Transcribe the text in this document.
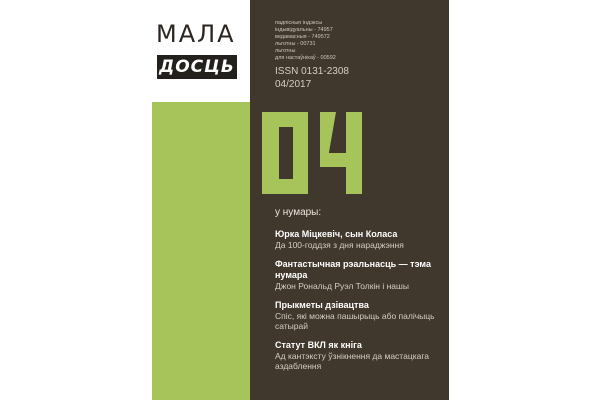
МАЛА
ДОСЦЬ
падпісныя індэксы
індывідуальны - 74957
ведамасныя - 749572
льготны - 00731
льготны
для настаўнікаў - 00592
ISSN 0131-2308
04/2017
у нумары:
Юрка Міцкевіч, сын Коласа
Да 100-годдзя з дня нараджэння
Фантастычная рэальнасць — тэма нумара
Джон Рональд Руэл Толкін і нашы
Прыкметы дзівацтва
Спіс, які можна пашырыць або палічыць сатырай
Статут ВКЛ як кніга
Ад кантэксту ўзнікнення да мастацкага аздаблення
